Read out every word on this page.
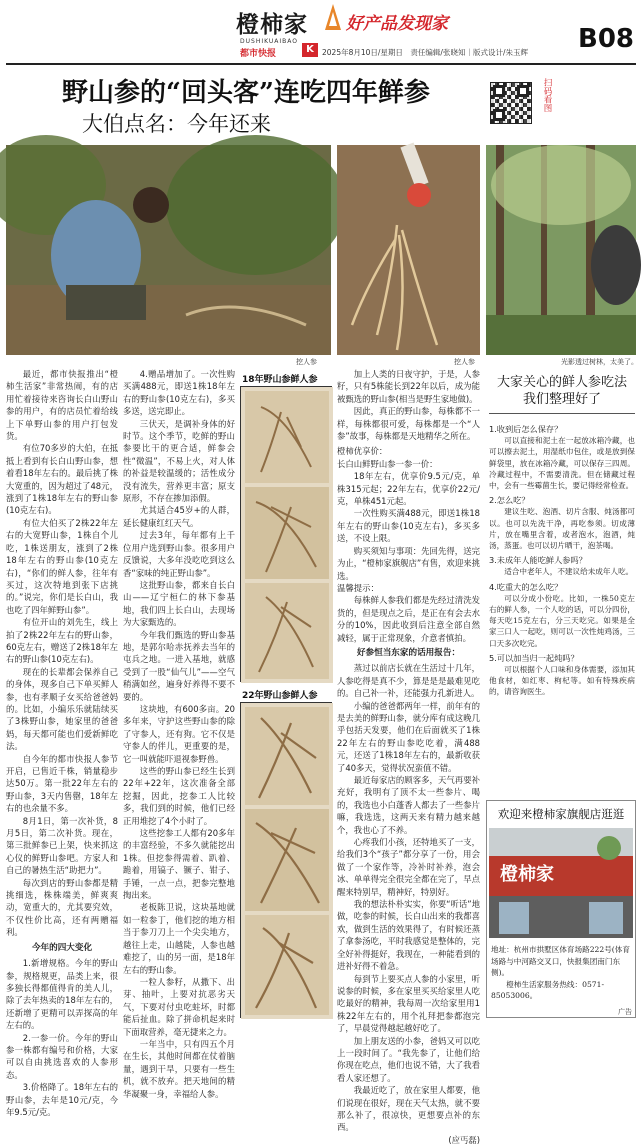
橙柿家 好产品发现家
DUSHIKUAIBAO
都市快报	K	2025年8月10日/星期日　责任编辑/张晓知｜版式设计/朱玉辉 B08
野山参的“回头客”连吃四年鲜参
大伯点名：今年还来
扫码看图
挖人参	挖人参	光影透过树林，太美了。

最近，都市快报推出“橙柿生活家”非常热闹，有的店用忙着接待来咨询长白山野山参的用户，有的店员忙着给线上下单野山参的用户打包发货。

有位70多岁的大伯，在抵抵上看到有长白山野山参，想着看18年左右的。最后挑了株大宽重的，因为超过了48元，涨到了1株18年左右的野山参(10克左右)。

有位大伯买了2株22年左右的大宽野山参，1株自个儿吃，1株送朋友，涨到了2株18年左右的野山参(10克左右)，“你们的鲜人参，往年有买过，这次特地到张下店挑的。”说完，你们是长白山，我也吃了四年鲜野山参”。

有位开山的刘先生，线上拍了2株22年左右的野山参，60克左右，赠送了2株18年左右的野山参(10克左右)。

现在的长辈都会保养自己的身体，现多自己下单买鲜人参，也有孝顺子女买给爸爸妈的。比如，小编乐乐就陆续买了3株野山参，她家里的爸爸妈，每天都可能也们爱新鲜吃法。

自今年的都市快报人参节开启，已售近千株，销量稳步达50万。第一批22年左右的野山参，3天内售罄，18年左右的也余量不多。

8月1日，第一次补货，8月5日，第二次补货。现在，第三批鲜参已上架，快来抓这心仪的鲜野山参吧。方家人和自己的暑热生活“助把力”。

每次到店的野山参都是精挑细选，株株端美，鲜爽爽动，宽重大的，尤其要究效，不仅性价比高，还有两赠福利。

今年的四大变化

1.新增规格。今年的野山参，规格规更，品类上来，很多独长得都值得肯的美人儿，除了去年热卖的18年左右的，还新增了更精可以弄探高的年左右的。

2.一参一价。今年的野山参一株都有编号和价格，大家可以自由挑选喜欢的人参形态。

3.价格降了。18年左右的野山参，去年是10元/克，今年9.5元/克。

4.赠品增加了。一次性购买满488元，即送1株18年左右的野山参(10克左右)，多买多送，送完即止。

三伏天，是调补身体的好时节。这个季节，吃鲜的野山参要比干的更合适，鲜参会性“微温”，不易上火，对人体的补益是较温缓的；活性成分没有流失，营养更丰富；原支原形，不存在掺加添假。

尤其适合45岁+的人群，延长健康红红天气。

过去3年，每年都有上千位用户选到野山参。很多用户反馈说，大多年没吃吃到这么香“家味的纯正野山参”。

这批野山参，都来自长白山——辽宁桓仁的林下参基地，我们四上长白山，去现场为大家甄选的。

今年我们甄选的野山参基地，是郭尔哈赤抚养去当年的屯兵之地。一进入基地，就感受到了一股“仙气儿”——空气稍满如丝，遍身好养得不要不要的。

这块地，有600多亩。20多年来，守护这些野山参的除了守参人，还有狗。它不仅是守参人的伴儿，更重要的是，它一叫就能吓退视参野兽。

这些的野山参已经生长到22年+22年，这次准备全部挖掘，因此，挖参工人比较多，我们到的时候，他们已经正用堆挖了4个小时了。

这些挖参工人都有20多年的丰富经验，不多久就能挖出1株。但挖参得需着、趴着、跪着，用镐子、镢子、钳子、手锤，一点一点，把参完整地掏出来。

老板陈卫说，这块基地就如一粒参丁，他们挖的地方相当于参刀刀上一个尖尖地方，越往上走，山越陡，人参也越难挖了，山的另一面，是18年左右的野山参。

一粒人参籽，从撒下、出芽、抽叶，上要对抗恶劣天气，下要对付虫吃蛀坏，时都能后扯血。除了拼命机起来时下面取营养，毫无捷来之力。

一年当中，只有四五个月在生长，其他时间都在仗着脑量，遇到干旱，只要有一些生机，就不放弃。把天地间的精华凝聚一身，幸福给人参。

18年野山参鲜人参
22年野山参鲜人参

加上人类的日夜守护，于是，人参籽，只有5株能长到22年以后，成为能被甄选的野山参(相当是野生家地做)。

因此，真正的野山参，每株都不一样，每株都很可爱，每株都是一个“人参”故事，每株都是天地精华之所在。

橙柿优享价：

长白山鲜野山参一参一价：

18年左右，优享价9.5元/克，单株315元起；22年左右，优享价22元/克，单株451元起。

一次性购买满488元，即送1株18年左右的野山参(10克左右)，多买多送，不设上限。

购买须知与事项：先回先得，送完为止，“橙柿家旗舰店”有售，欢迎来挑选。

温馨提示：

每株鲜人参我们都是先经过清洗发货的，但是现点之后，是正在有会去水分的10%，因此收到后注意全部自然减轻，属于正常现象，介意者慎拍。

好参恒当东家的话用报告：

蒸过以前店长就在生活过十几年，人参吃得是真不少，算是是是最难见吃的。自己补一补，还能强力孔新进人。

小编的爸爸都两年一样，前年有的是去美的鲜野山参，就分库有成这晚几乎包括天发要，他们在后面就买了1株22年左右的野山参吃吃着，满488元，还送了1株18年左右的，最新收获了40多天，觉得状况蛮值不错。

最近每家店的顾客多，天气再要补充好，我明有了顶不太一些参片、喝的，我选也小白蓬香人都去了一些参片嘛，我选选，这两天来有精力越来越个，我也心了不养。

心疼我们小孩，还特地买了一支，给我们3个“孩子”都分享了一份，用会做了一个家作等，冷补时补养，泡会冰、单单得完全很完全都在完了，早点醒来特别早，精神好，特别好。

我的想法朴朴实实，你要“听话”地做，吃参的时候，长白山出来的我都喜欢，做到生活的效果得了，有时候还蒸了拿参汤吃，平时我感觉是整体的，完全好补得挺好，我现在，一种能看到的进补好得不着急。

每到节上要买点人参的小家里，听说参的时候，多在家里买买给家里人吃吃最好的精神，我每周一次给家里用1株22年左右的，用个礼拜把参都泡完了，早晨觉得越起越好吃了。

加上朋友送的小参，爸妈又可以吃上一段时间了。“我先参了，让他们给你现在吃点，他们也说不错，大了我看看人家还想了。

我最近吃了，放在家里人都要，他们说现在很好，现在天气太热，就不要那么补了，很凉快，更想要点补的东西。

(应丐磊)

大家关心的鲜人参吃法
我们整理好了
1.收到后怎么保存？

可以直接和泥土在一起放冰箱冷藏，也可以擦去泥土，用湿纸巾包住，或是放到保鲜袋里，放在冰箱冷藏，可以保存三四周。冷藏过程中，不需要清洗。但在储藏过程中，会有一些霉菌生长，要记得经常检查。

2.怎么吃？

建议生吃、泡酒、切片含服、炖汤都可以。也可以先洗干净，再吃参须。切成薄片，放在嘴里含着，或者泡水，泡酒，炖汤，蒸蛋。也可以切片晒干，泡茶喝。

3.未成年人能吃鲜人参吗？

适合中老年人，不建议给未成年人吃。

4.吃重大的怎么吃？

可以分成小份吃。比如，一株50克左右的鲜人参，一个人吃的话，可以分四份，每天吃15克左右，分三天吃完。如果是全家三口人一起吃，则可以一次性炖鸡汤，三口天多次吃完。

5.可以加当归一起炖吗？

可以根据个人口味和身体需要，添加其他食材，如红枣、枸杞等。如有特殊疾病的，请咨询医生。

欢迎来橙柿家旗舰店逛逛
橙柿家
地址：杭州市拱墅区体育场路222号(体育场路与中河路交叉口，快报集团南门东侧)。
橙柿生活家服务热线：0571-85053006。
广告
